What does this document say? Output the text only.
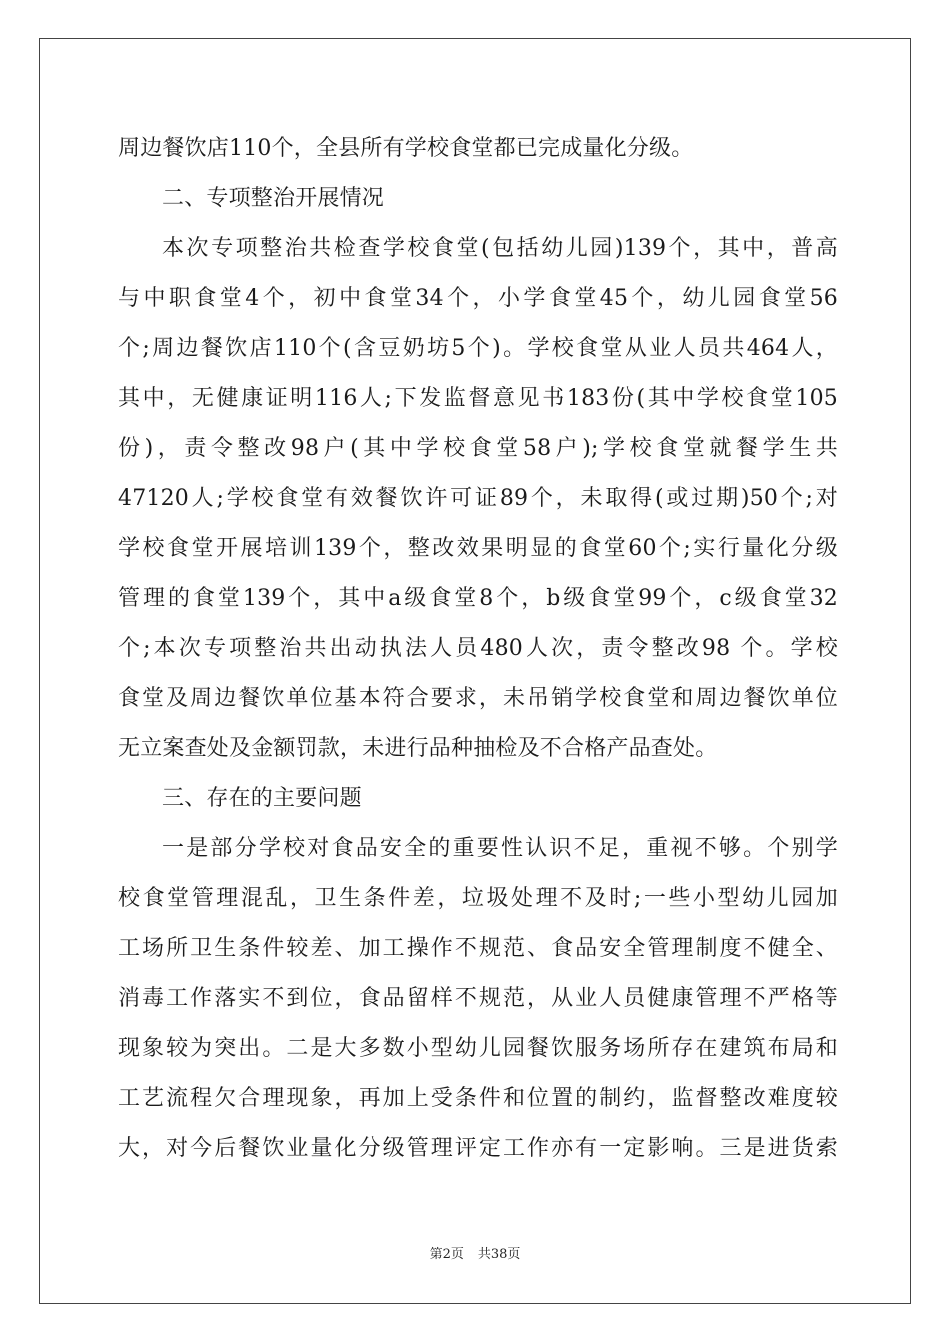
周边餐饮店110个，全县所有学校食堂都已完成量化分级。
二、专项整治开展情况
本次专项整治共检查学校食堂(包括幼儿园)139个，其中，普高
与中职食堂4个，初中食堂34个，小学食堂45个，幼儿园食堂56
个;周边餐饮店110个(含豆奶坊5个)。学校食堂从业人员共464人，
其中，无健康证明116人;下发监督意见书183份(其中学校食堂105
份)，责令整改98户(其中学校食堂58户);学校食堂就餐学生共
47120人;学校食堂有效餐饮许可证89个，未取得(或过期)50个;对
学校食堂开展培训139个，整改效果明显的食堂60个;实行量化分级
管理的食堂139个，其中a级食堂8个，b级食堂99个，c级食堂32
个;本次专项整治共出动执法人员480人次，责令整改98 个。学校
食堂及周边餐饮单位基本符合要求，未吊销学校食堂和周边餐饮单位
无立案查处及金额罚款，未进行品种抽检及不合格产品查处。
三、存在的主要问题
一是部分学校对食品安全的重要性认识不足，重视不够。个别学
校食堂管理混乱，卫生条件差，垃圾处理不及时;一些小型幼儿园加
工场所卫生条件较差、加工操作不规范、食品安全管理制度不健全、
消毒工作落实不到位，食品留样不规范，从业人员健康管理不严格等
现象较为突出。二是大多数小型幼儿园餐饮服务场所存在建筑布局和
工艺流程欠合理现象，再加上受条件和位置的制约，监督整改难度较
大，对今后餐饮业量化分级管理评定工作亦有一定影响。三是进货索
第2页 共38页
